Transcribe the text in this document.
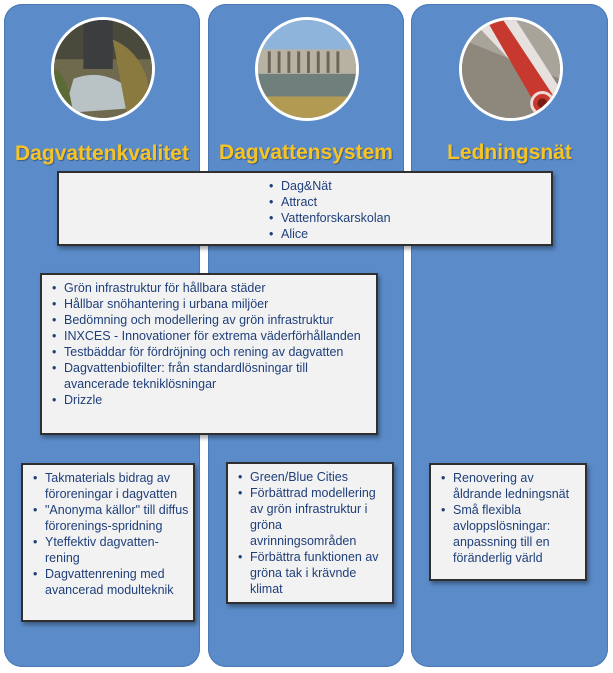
Dagvattenkvalitet	Dagvattensystem	Ledningsnät
• Dag&Nät
• Attract
• Vattenforskarskolan
• Alice
• Grön infrastruktur för hållbara städer
• Hållbar snöhantering i urbana miljöer
• Bedömning och modellering av grön infrastruktur
• INXCES - Innovationer för extrema väderförhållanden
• Testbäddar för fördröjning och rening av dagvatten
• Dagvattenbiofilter: från standardlösningar till avancerade tekniklösningar
• Drizzle
• Takmaterials bidrag av föroreningar i dagvatten
• "Anonyma källor" till diffus förorenings-spridning
• Yteffektiv dagvatten-rening
• Dagvattenrening med avancerad modulteknik
• Green/Blue Cities
• Förbättrad modellering av grön infrastruktur i gröna avrinningsområden
• Förbättra funktionen av gröna tak i krävnde klimat
• Renovering av åldrande ledningsnät
• Små flexibla avloppslösningar: anpassning till en föränderlig värld
